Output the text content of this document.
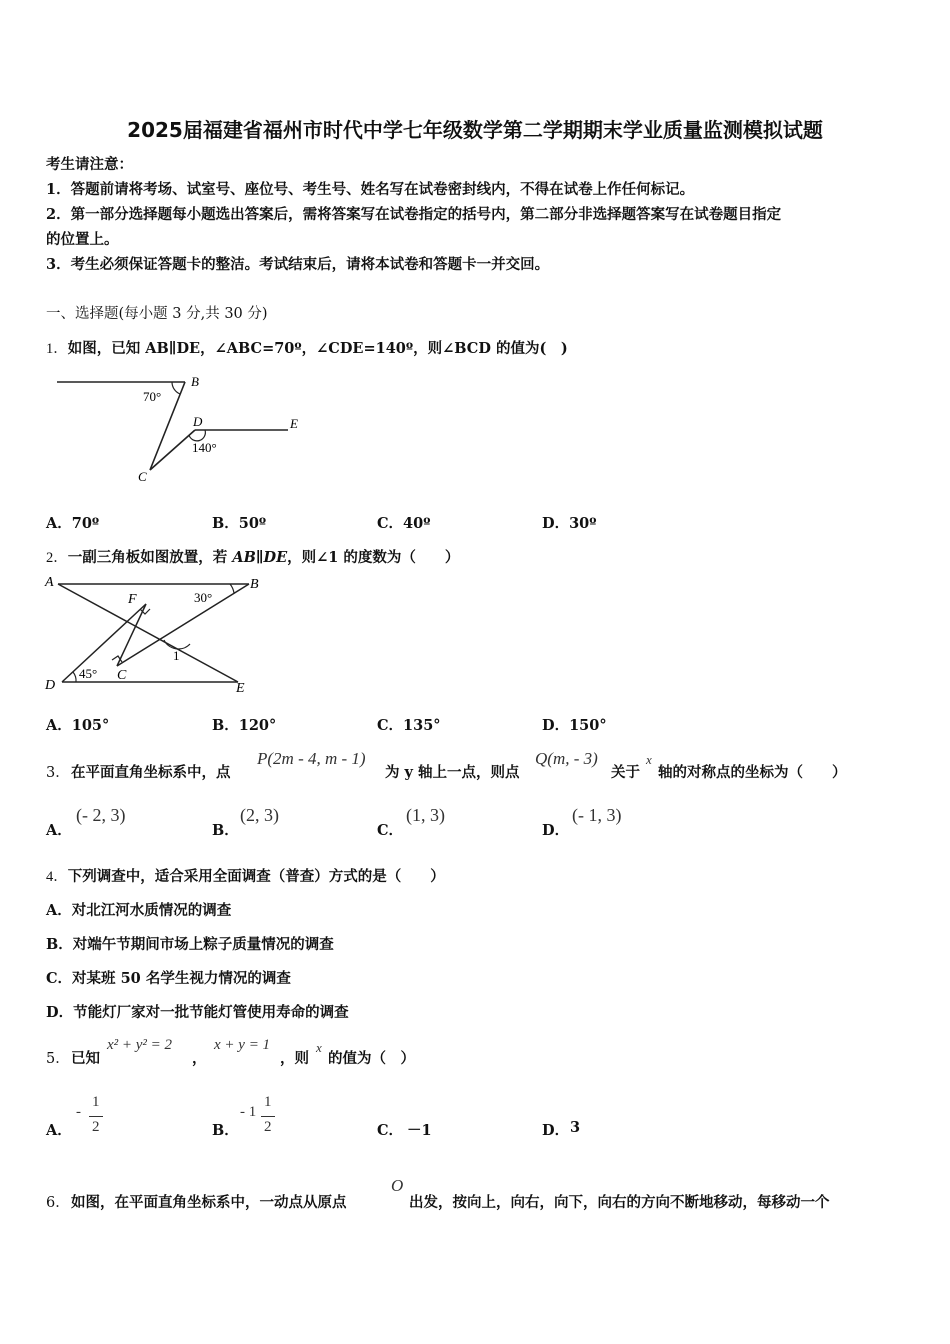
2025届福建省福州市时代中学七年级数学第二学期期末学业质量监测模拟试题
考生请注意：
1．答题前请将考场、试室号、座位号、考生号、姓名写在试卷密封线内，不得在试卷上作任何标记。
2．第一部分选择题每小题选出答案后，需将答案写在试卷指定的括号内，第二部分非选择题答案写在试卷题目指定
的位置上。
3．考生必须保证答题卡的整洁。考试结束后，请将本试卷和答题卡一并交回。
一、选择题(每小题 3 分,共 30 分)
1．如图，已知 AB∥DE，∠ABC=70º，∠CDE=140º，则∠BCD 的值为(　)
B
70°
D	E
140°
C
A．70º	B．50º	C．40º	D．30º
2．一副三角板如图放置，若 AB∥DE，则∠1 的度数为（　　）
A	B
F	30°
1
45° C
D	E
A．105°	B．120°	C．135°	D．150°
3． 在平面直角坐标系中，点
P(2m - 4, m - 1)
为 y 轴上一点，则点
Q(m, - 3)
关于
x
轴的对称点的坐标为（　　）
A．
(- 2, 3)
B．
(2, 3)
C．
(1, 3)
D．
(- 1, 3)
4．下列调查中，适合采用全面调查（普查）方式的是（　　）
A．对北江河水质情况的调查
B．对端午节期间市场上粽子质量情况的调查
C．对某班 50 名学生视力情况的调查
D．节能灯厂家对一批节能灯管使用寿命的调查
5． 已知
x² + y² = 2
，
x + y = 1
，则
x
的值为（　）
A．
-
1
2	B．
- 1
1
2	C． －1	D． 3
6． 如图，在平面直角坐标系中，一动点从原点
O
出发，按向上，向右，向下，向右的方向不断地移动，每移动一个
